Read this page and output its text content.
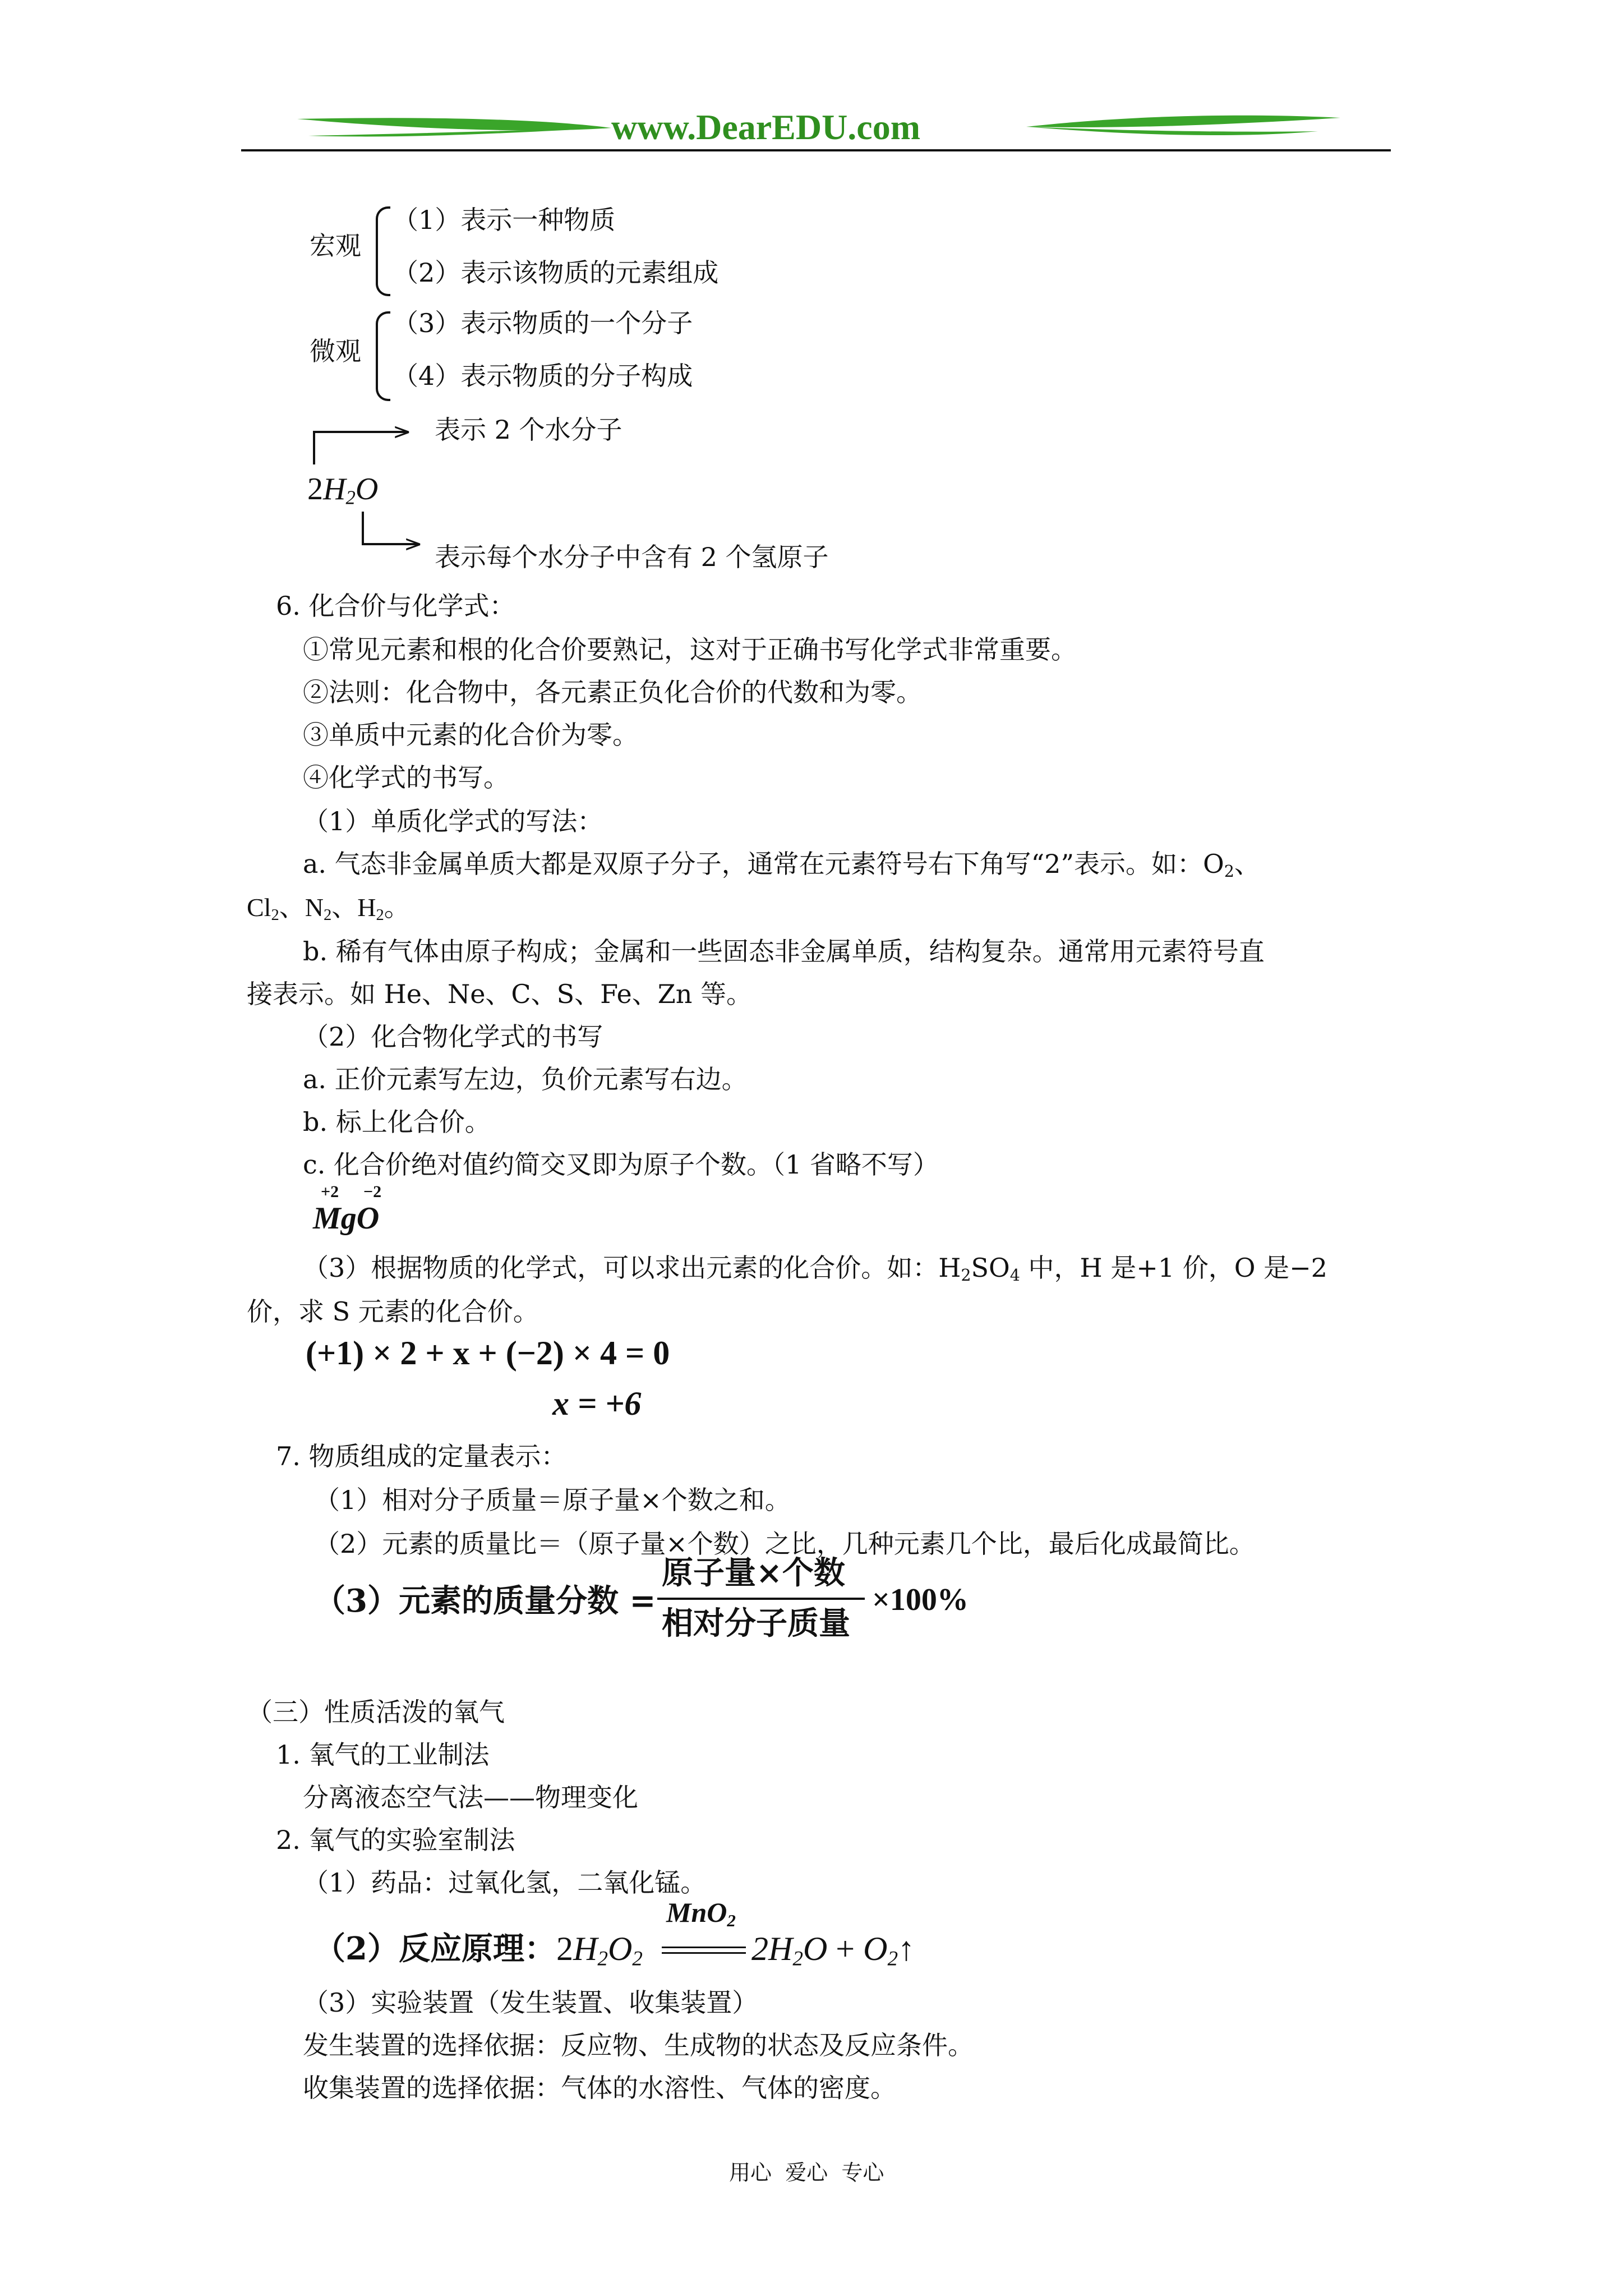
www.DearEDU.com
宏观
（1）表示一种物质
（2）表示该物质的元素组成
微观
（3）表示物质的一个分子
（4）表示物质的分子构成
> 表示 2 个水分子
$2H_2O$
> 表示每个水分子中含有 2 个氢原子
6. 化合价与化学式：
①常见元素和根的化合价要熟记，这对于正确书写化学式非常重要。
②法则：化合物中，各元素正负化合价的代数和为零。
③单质中元素的化合价为零。
④化学式的书写。
（1）单质化学式的写法：
a. 气态非金属单质大都是双原子分子，通常在元素符号右下角写“2”表示。如：$O_2$、
$Cl_2$、$N_2$、$H_2$。
b. 稀有气体由原子构成；金属和一些固态非金属单质，结构复杂。通常用元素符号直
接表示。如 He、Ne、C、S、Fe、Zn 等。
（2）化合物化学式的书写
a. 正价元素写左边，负价元素写右边。
b. 标上化合价。
c. 化合价绝对值约简交叉即为原子个数。（1 省略不写）
+2 −2
MgO
（3）根据物质的化学式，可以求出元素的化合价。如：$H_2SO_4$ 中，H 是+1 价，O 是−2
价，求 S 元素的化合价。
(+1) × 2 + x + (−2) × 4 = 0
x = +6
7. 物质组成的定量表示：
（1）相对分子质量＝原子量×个数之和。
（2）元素的质量比＝（原子量×个数）之比，几种元素几个比，最后化成最简比。
（3）元素的质量分数 =
原子量×个数
相对分子质量
×100%
（三）性质活泼的氧气
1. 氧气的工业制法
分离液态空气法——物理变化
2. 氧气的实验室制法
（1）药品：过氧化氢，二氧化锰。
（2）反应原理： $2H_2O_2$
MnO$_2$
$2H_2O$ + $O_2↑$
（3）实验装置（发生装置、收集装置）
发生装置的选择依据：反应物、生成物的状态及反应条件。
收集装置的选择依据：气体的水溶性、气体的密度。
用心  爱心  专心
